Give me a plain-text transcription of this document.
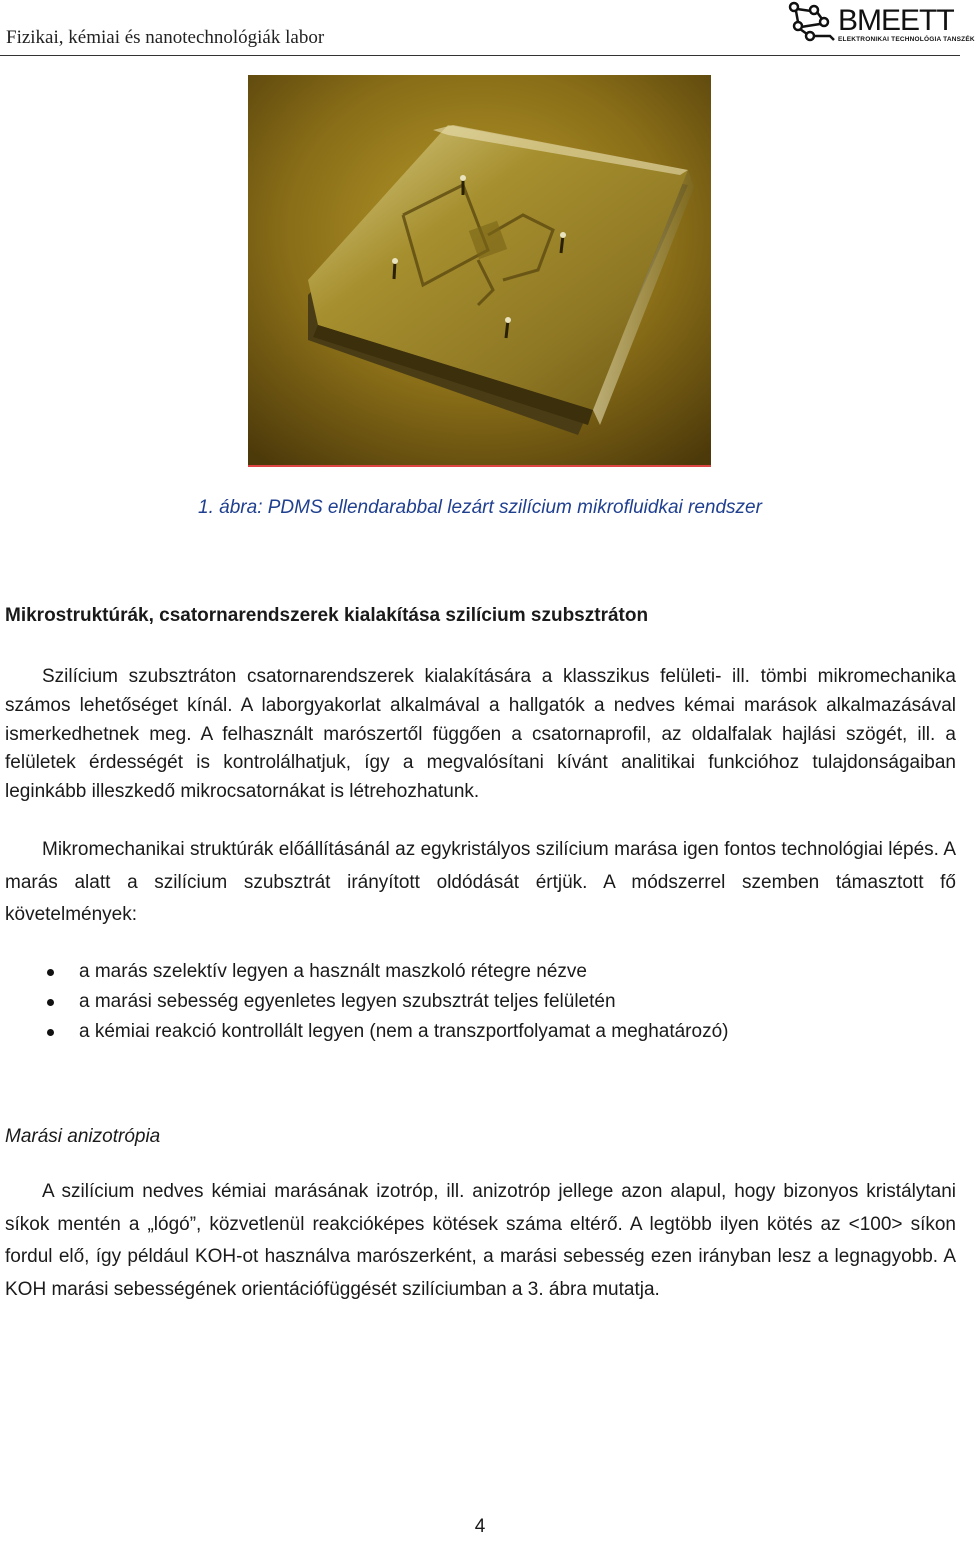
Fizikai, kémiai és nanotechnológiák labor
BMEETT
ELEKTRONIKAI TECHNOLÓGIA TANSZÉK
1. ábra: PDMS ellendarabbal lezárt szilícium mikrofluidkai rendszer
Mikrostruktúrák, csatornarendszerek kialakítása szilícium szubsztráton
Szilícium szubsztráton csatornarendszerek kialakítására a klasszikus felületi- ill. tömbi mikromechanika számos lehetőséget kínál. A laborgyakorlat alkalmával a hallgatók a nedves kémai marások alkalmazásával ismerkedhetnek meg. A felhasznált marószertől függően a csatornaprofil, az oldalfalak hajlási szögét, ill. a felületek érdességét is kontrolálhatjuk, így a megvalósítani kívánt analitikai funkcióhoz tulajdonságaiban leginkább illeszkedő mikrocsatornákat is létrehozhatunk.
Mikromechanikai struktúrák előállításánál az egykristályos szilícium marása igen fontos technológiai lépés. A marás alatt a szilícium szubsztrát irányított oldódását értjük. A módszerrel szemben támasztott fő követelmények:
a marás szelektív legyen a használt maszkoló rétegre nézve
a marási sebesség egyenletes legyen szubsztrát teljes felületén
a kémiai reakció kontrollált legyen (nem a transzportfolyamat a meghatározó)
Marási anizotrópia
A szilícium nedves kémiai marásának izotróp, ill. anizotróp jellege azon alapul, hogy bizonyos kristálytani síkok mentén a „lógó”, közvetlenül reakcióképes kötések száma eltérő. A legtöbb ilyen kötés az <100> síkon fordul elő, így például KOH-ot használva marószerként, a marási sebesség ezen irányban lesz a legnagyobb. A KOH marási sebességének orientációfüggését szilíciumban a 3. ábra mutatja.
4
